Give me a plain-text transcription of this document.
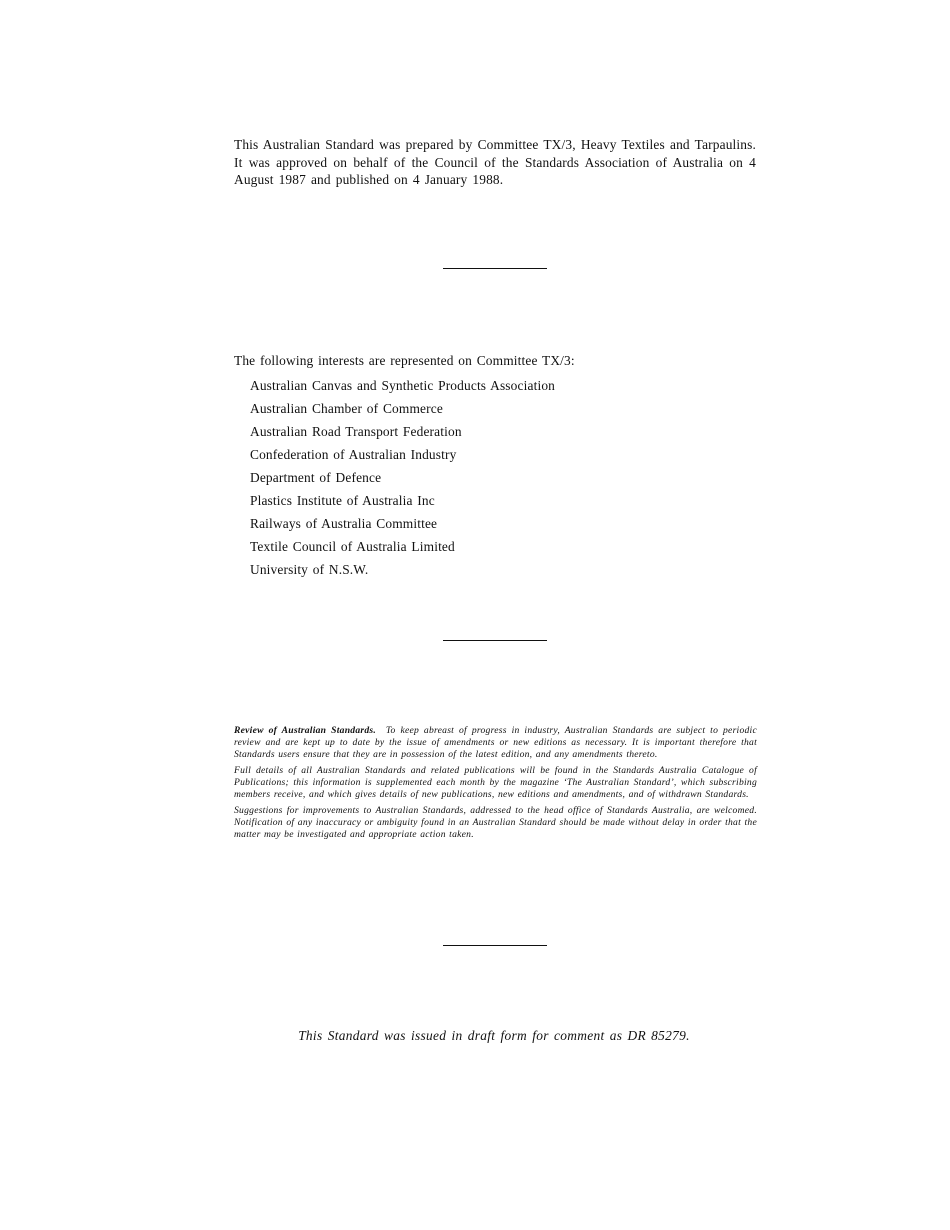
This Australian Standard was prepared by Committee TX/3, Heavy Textiles and Tarpaulins. It was approved on behalf of the Council of the Standards Association of Australia on 4 August 1987 and published on 4 January 1988.

The following interests are represented on Committee TX/3:

Australian Canvas and Synthetic Products Association
Australian Chamber of Commerce
Australian Road Transport Federation
Confederation of Australian Industry
Department of Defence
Plastics Institute of Australia Inc
Railways of Australia Committee
Textile Council of Australia Limited
University of N.S.W.

Review of Australian Standards. To keep abreast of progress in industry, Australian Standards are subject to periodic review and are kept up to date by the issue of amendments or new editions as necessary. It is important therefore that Standards users ensure that they are in possession of the latest edition, and any amendments thereto.

Full details of all Australian Standards and related publications will be found in the Standards Australia Catalogue of Publications; this information is supplemented each month by the magazine ‘The Australian Standard’, which subscribing members receive, and which gives details of new publications, new editions and amendments, and of withdrawn Standards.

Suggestions for improvements to Australian Standards, addressed to the head office of Standards Australia, are welcomed. Notification of any inaccuracy or ambiguity found in an Australian Standard should be made without delay in order that the matter may be investigated and appropriate action taken.

This Standard was issued in draft form for comment as DR 85279.
